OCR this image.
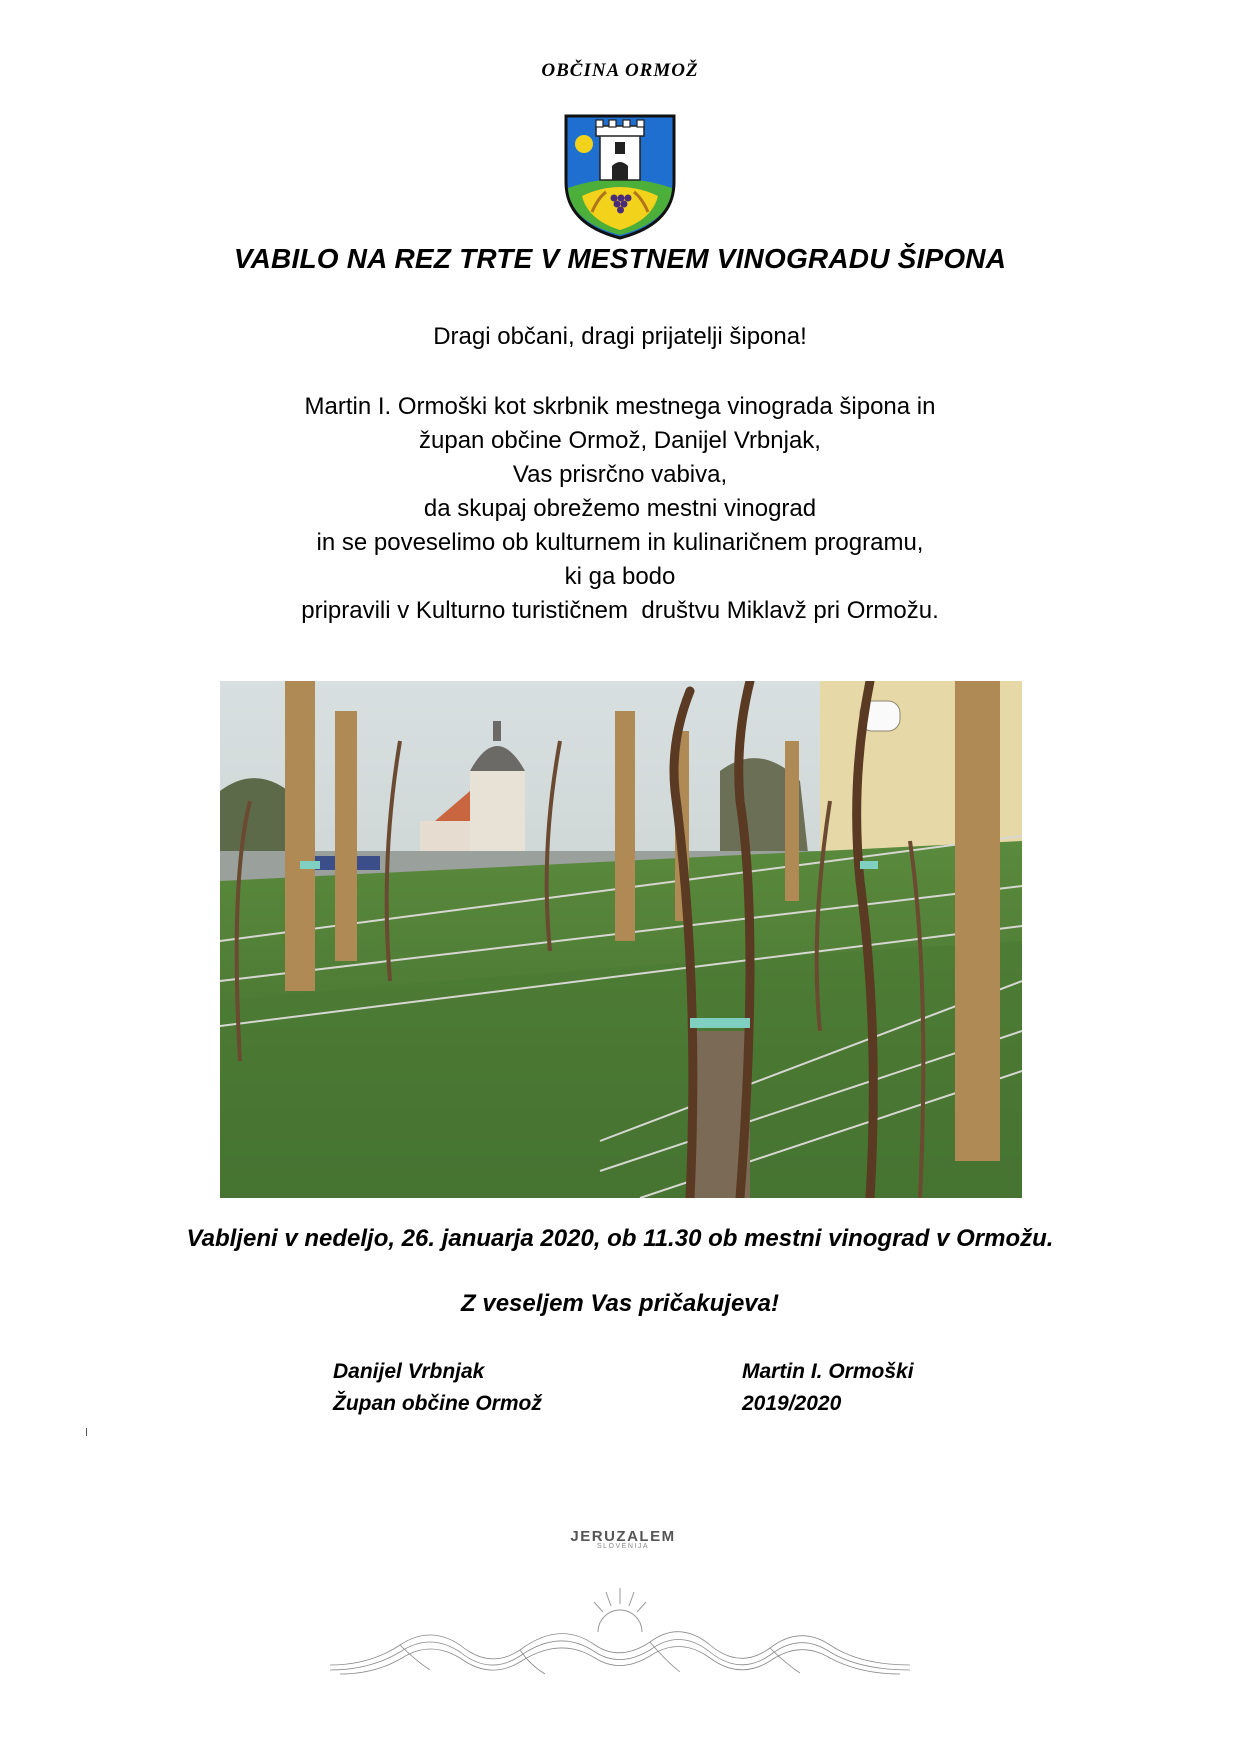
OBČINA ORMOŽ
VABILO NA REZ TRTE V MESTNEM VINOGRADU ŠIPONA
Dragi občani, dragi prijatelji šipona!
Martin I. Ormoški kot skrbnik mestnega vinograda šipona in
župan občine Ormož, Danijel Vrbnjak,
Vas prisrčno vabiva,
da skupaj obrežemo mestni vinograd
in se poveselimo ob kulturnem in kulinaričnem programu,
ki ga bodo
pripravili v Kulturno turističnem  društvu Miklavž pri Ormožu.
Vabljeni v nedeljo, 26. januarja 2020, ob 11.30 ob mestni vinograd v Ormožu.
Z veseljem Vas pričakujeva!
Danijel Vrbnjak
Župan občine Ormož
Martin I. Ormoški
2019/2020
JERUZALEM
SLOVENIJA
